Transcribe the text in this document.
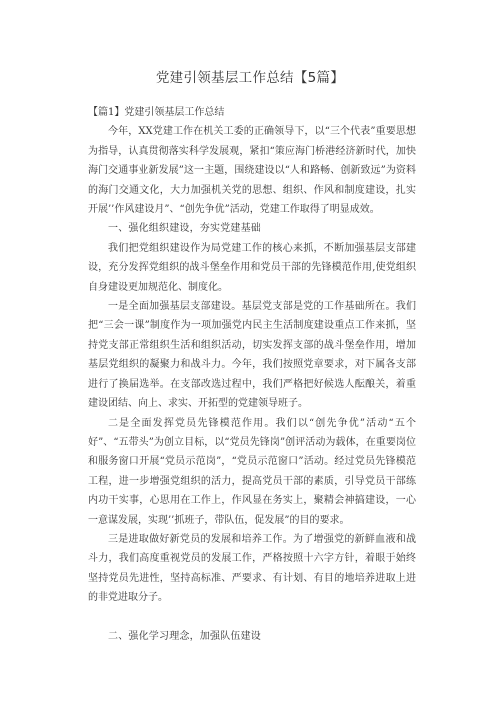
党建引领基层工作总结【5篇】

【篇1】党建引领基层工作总结

今年，XX党建工作在机关工委的正确领导下，以“三个代表”重要思想为指导，认真贯彻落实科学发展观，紧扣“策应海门桥港经济新时代，加快海门交通事业新发展”这一主题，围绕建设以“人和路畅、创新致远”为资料的海门交通文化，大力加强机关党的思想、组织、作风和制度建设，扎实开展’’作风建设月”、“创先争优”活动，党建工作取得了明显成效。

一、强化组织建设，夯实党建基础

我们把党组织建设作为局党建工作的核心来抓，不断加强基层支部建设，充分发挥党组织的战斗堡垒作用和党员干部的先锋模范作用,使党组织自身建设更加规范化、制度化。

一是全面加强基层支部建设。基层党支部是党的工作基础所在。我们把“三会一课”制度作为一项加强党内民主生活制度建设重点工作来抓，坚持党支部正常组织生活和组织活动，切实发挥支部的战斗堡垒作用，增加基层党组织的凝聚力和战斗力。今年，我们按照党章要求，对下属各支部进行了换届选举。在支部改选过程中，我们严格把好候选人酝酿关，着重建设团结、向上、求实、开拓型的党建领导班子。

二是全面发挥党员先锋模范作用。我们以“创先争优”活动“五个好”、“五带头”为创立目标，以“党员先锋岗”创评活动为载体，在重要岗位和服务窗口开展“党员示范岗”，“党员示范窗口”活动。经过党员先锋模范工程，进一步增强党组织的活力，提高党员干部的素质，引导党员干部练内功干实事，心思用在工作上，作风显在务实上，聚精会神搞建设，一心一意谋发展，实现’’抓班子，带队伍，促发展”的目的要求。

三是进取做好新党员的发展和培养工作。为了增强党的新鲜血液和战斗力，我们高度重视党员的发展工作，严格按照十六字方针，着眼于始终坚持党员先进性，坚持高标准、严要求、有计划、有目的地培养进取上进的非党进取分子。

二、强化学习理念，加强队伍建设
